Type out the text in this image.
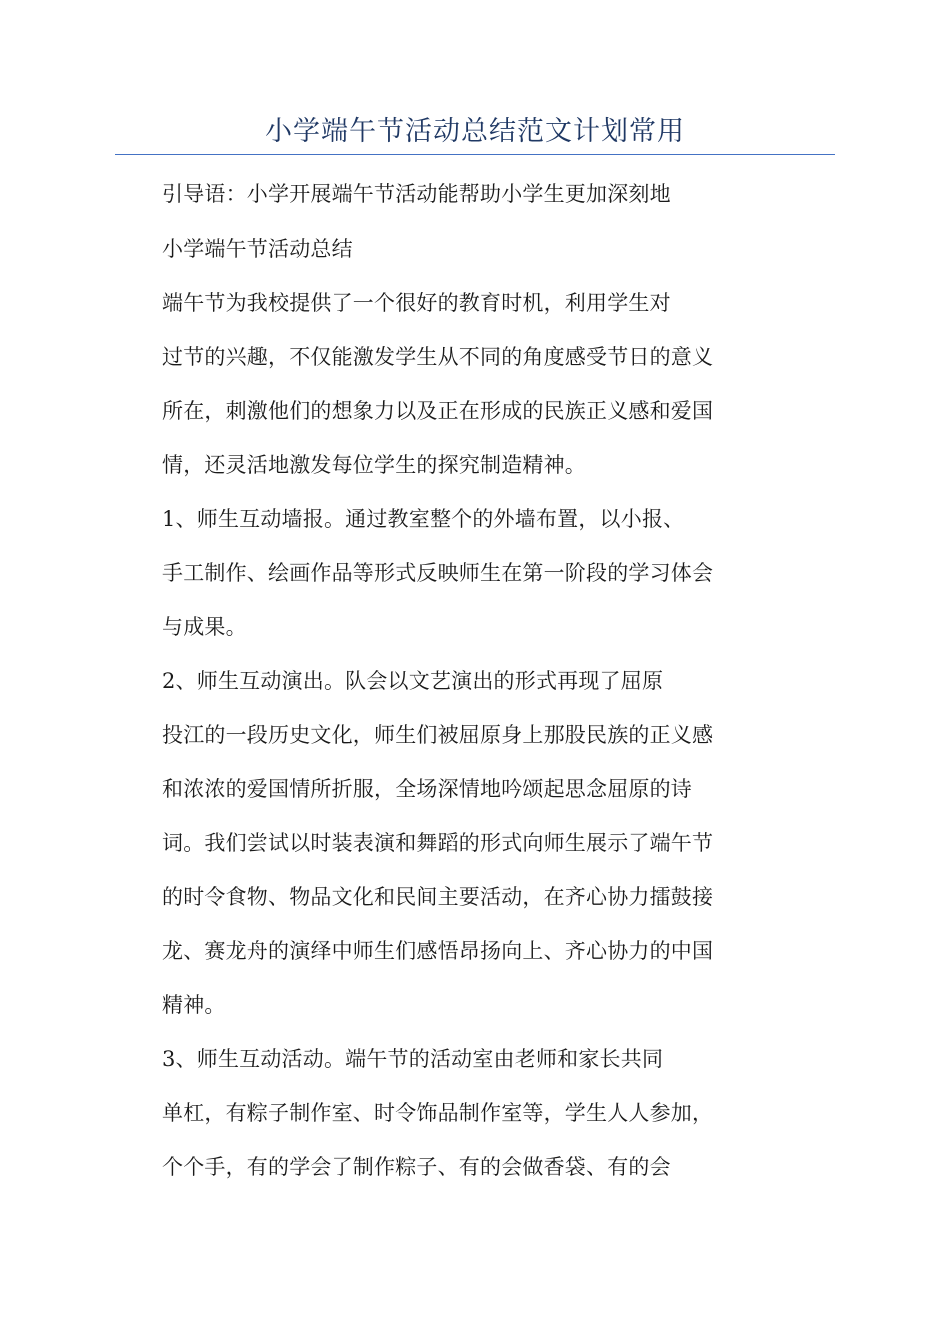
小学端午节活动总结范文计划常用
引导语：小学开展端午节活动能帮助小学生更加深刻地
小学端午节活动总结
端午节为我校提供了一个很好的教育时机，利用学生对
过节的兴趣，不仅能激发学生从不同的角度感受节日的意义
所在，刺激他们的想象力以及正在形成的民族正义感和爱国
情，还灵活地激发每位学生的探究制造精神。
1、师生互动墙报。通过教室整个的外墙布置，以小报、
手工制作、绘画作品等形式反映师生在第一阶段的学习体会
与成果。
2、师生互动演出。队会以文艺演出的形式再现了屈原
投江的一段历史文化，师生们被屈原身上那股民族的正义感
和浓浓的爱国情所折服，全场深情地吟颂起思念屈原的诗
词。我们尝试以时装表演和舞蹈的形式向师生展示了端午节
的时令食物、物品文化和民间主要活动，在齐心协力擂鼓接
龙、赛龙舟的演绎中师生们感悟昂扬向上、齐心协力的中国
精神。
3、师生互动活动。端午节的活动室由老师和家长共同
单杠，有粽子制作室、时令饰品制作室等，学生人人参加，
个个手，有的学会了制作粽子、有的会做香袋、有的会
